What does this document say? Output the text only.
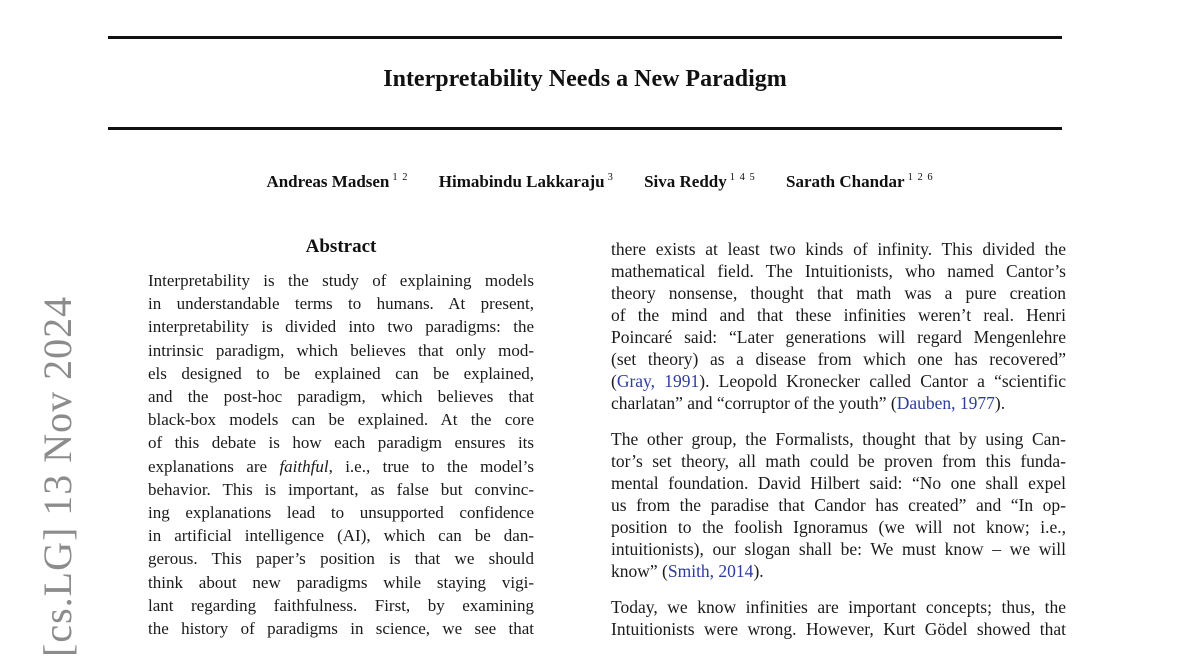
[cs.LG] 13 Nov 2024
Interpretability Needs a New Paradigm
Andreas Madsen $^{1 2}$ Himabindu Lakkaraju $^3$ Siva Reddy $^{1 4 5}$ Sarath Chandar $^{1 2 6}$
Abstract
Interpretability is the study of explaining models
in understandable terms to humans. At present,
interpretability is divided into two paradigms: the
intrinsic paradigm, which believes that only mod-
els designed to be explained can be explained,
and the post-hoc paradigm, which believes that
black-box models can be explained. At the core
of this debate is how each paradigm ensures its
explanations are faithful, i.e., true to the model’s
behavior. This is important, as false but convinc-
ing explanations lead to unsupported confidence
in artificial intelligence (AI), which can be dan-
gerous. This paper’s position is that we should
think about new paradigms while staying vigi-
lant regarding faithfulness. First, by examining
the history of paradigms in science, we see that
there exists at least two kinds of infinity. This divided the
mathematical field. The Intuitionists, who named Cantor’s
theory nonsense, thought that math was a pure creation
of the mind and that these infinities weren’t real. Henri
Poincaré said: “Later generations will regard Mengenlehre
(set theory) as a disease from which one has recovered”
(Gray, 1991). Leopold Kronecker called Cantor a “scientific
charlatan” and “corruptor of the youth” (Dauben, 1977).
The other group, the Formalists, thought that by using Can-
tor’s set theory, all math could be proven from this funda-
mental foundation. David Hilbert said: “No one shall expel
us from the paradise that Candor has created” and “In op-
position to the foolish Ignoramus (we will not know; i.e.,
intuitionists), our slogan shall be: We must know – we will
know” (Smith, 2014).
Today, we know infinities are important concepts; thus, the
Intuitionists were wrong. However, Kurt Gödel showed that
